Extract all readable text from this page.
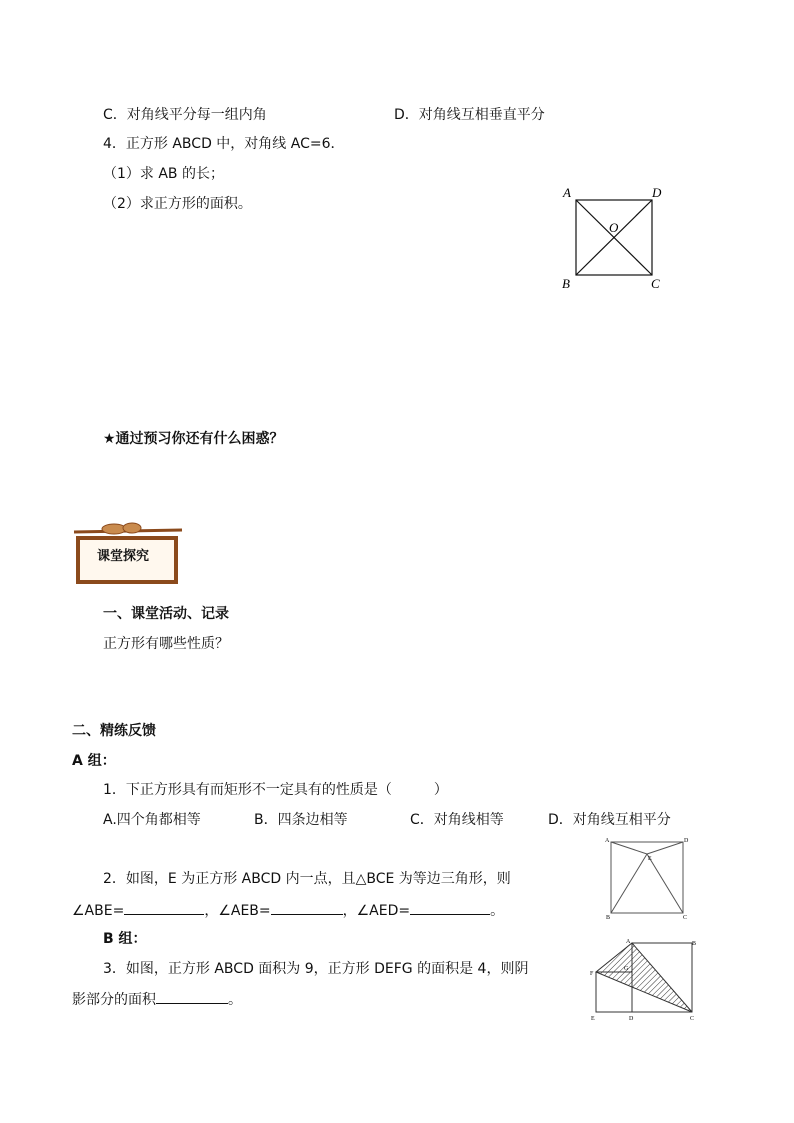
C．对角线平分每一组内角	D．对角线互相垂直平分
4．正方形 ABCD 中，对角线 AC=6．
（1）求 AB 的长；
（2）求正方形的面积。
A	D
O
B	C
★通过预习你还有什么困惑？
课堂探究
一、课堂活动、记录
正方形有哪些性质？
二、精练反馈
A 组：
1．下正方形具有而矩形不一定具有的性质是（　　　）
A.四个角都相等	B．四条边相等	C．对角线相等	D．对角线互相平分
2．如图，E 为正方形 ABCD 内一点，且△BCE 为等边三角形，则
∠ABE=	，∠AEB=	，∠AED=	。
A	D
E
B	C
B 组：
3．如图，正方形 ABCD 面积为 9，正方形 DEFG 的面积是 4，则阴
影部分的面积	。
A	B
F
G
E	D	C
